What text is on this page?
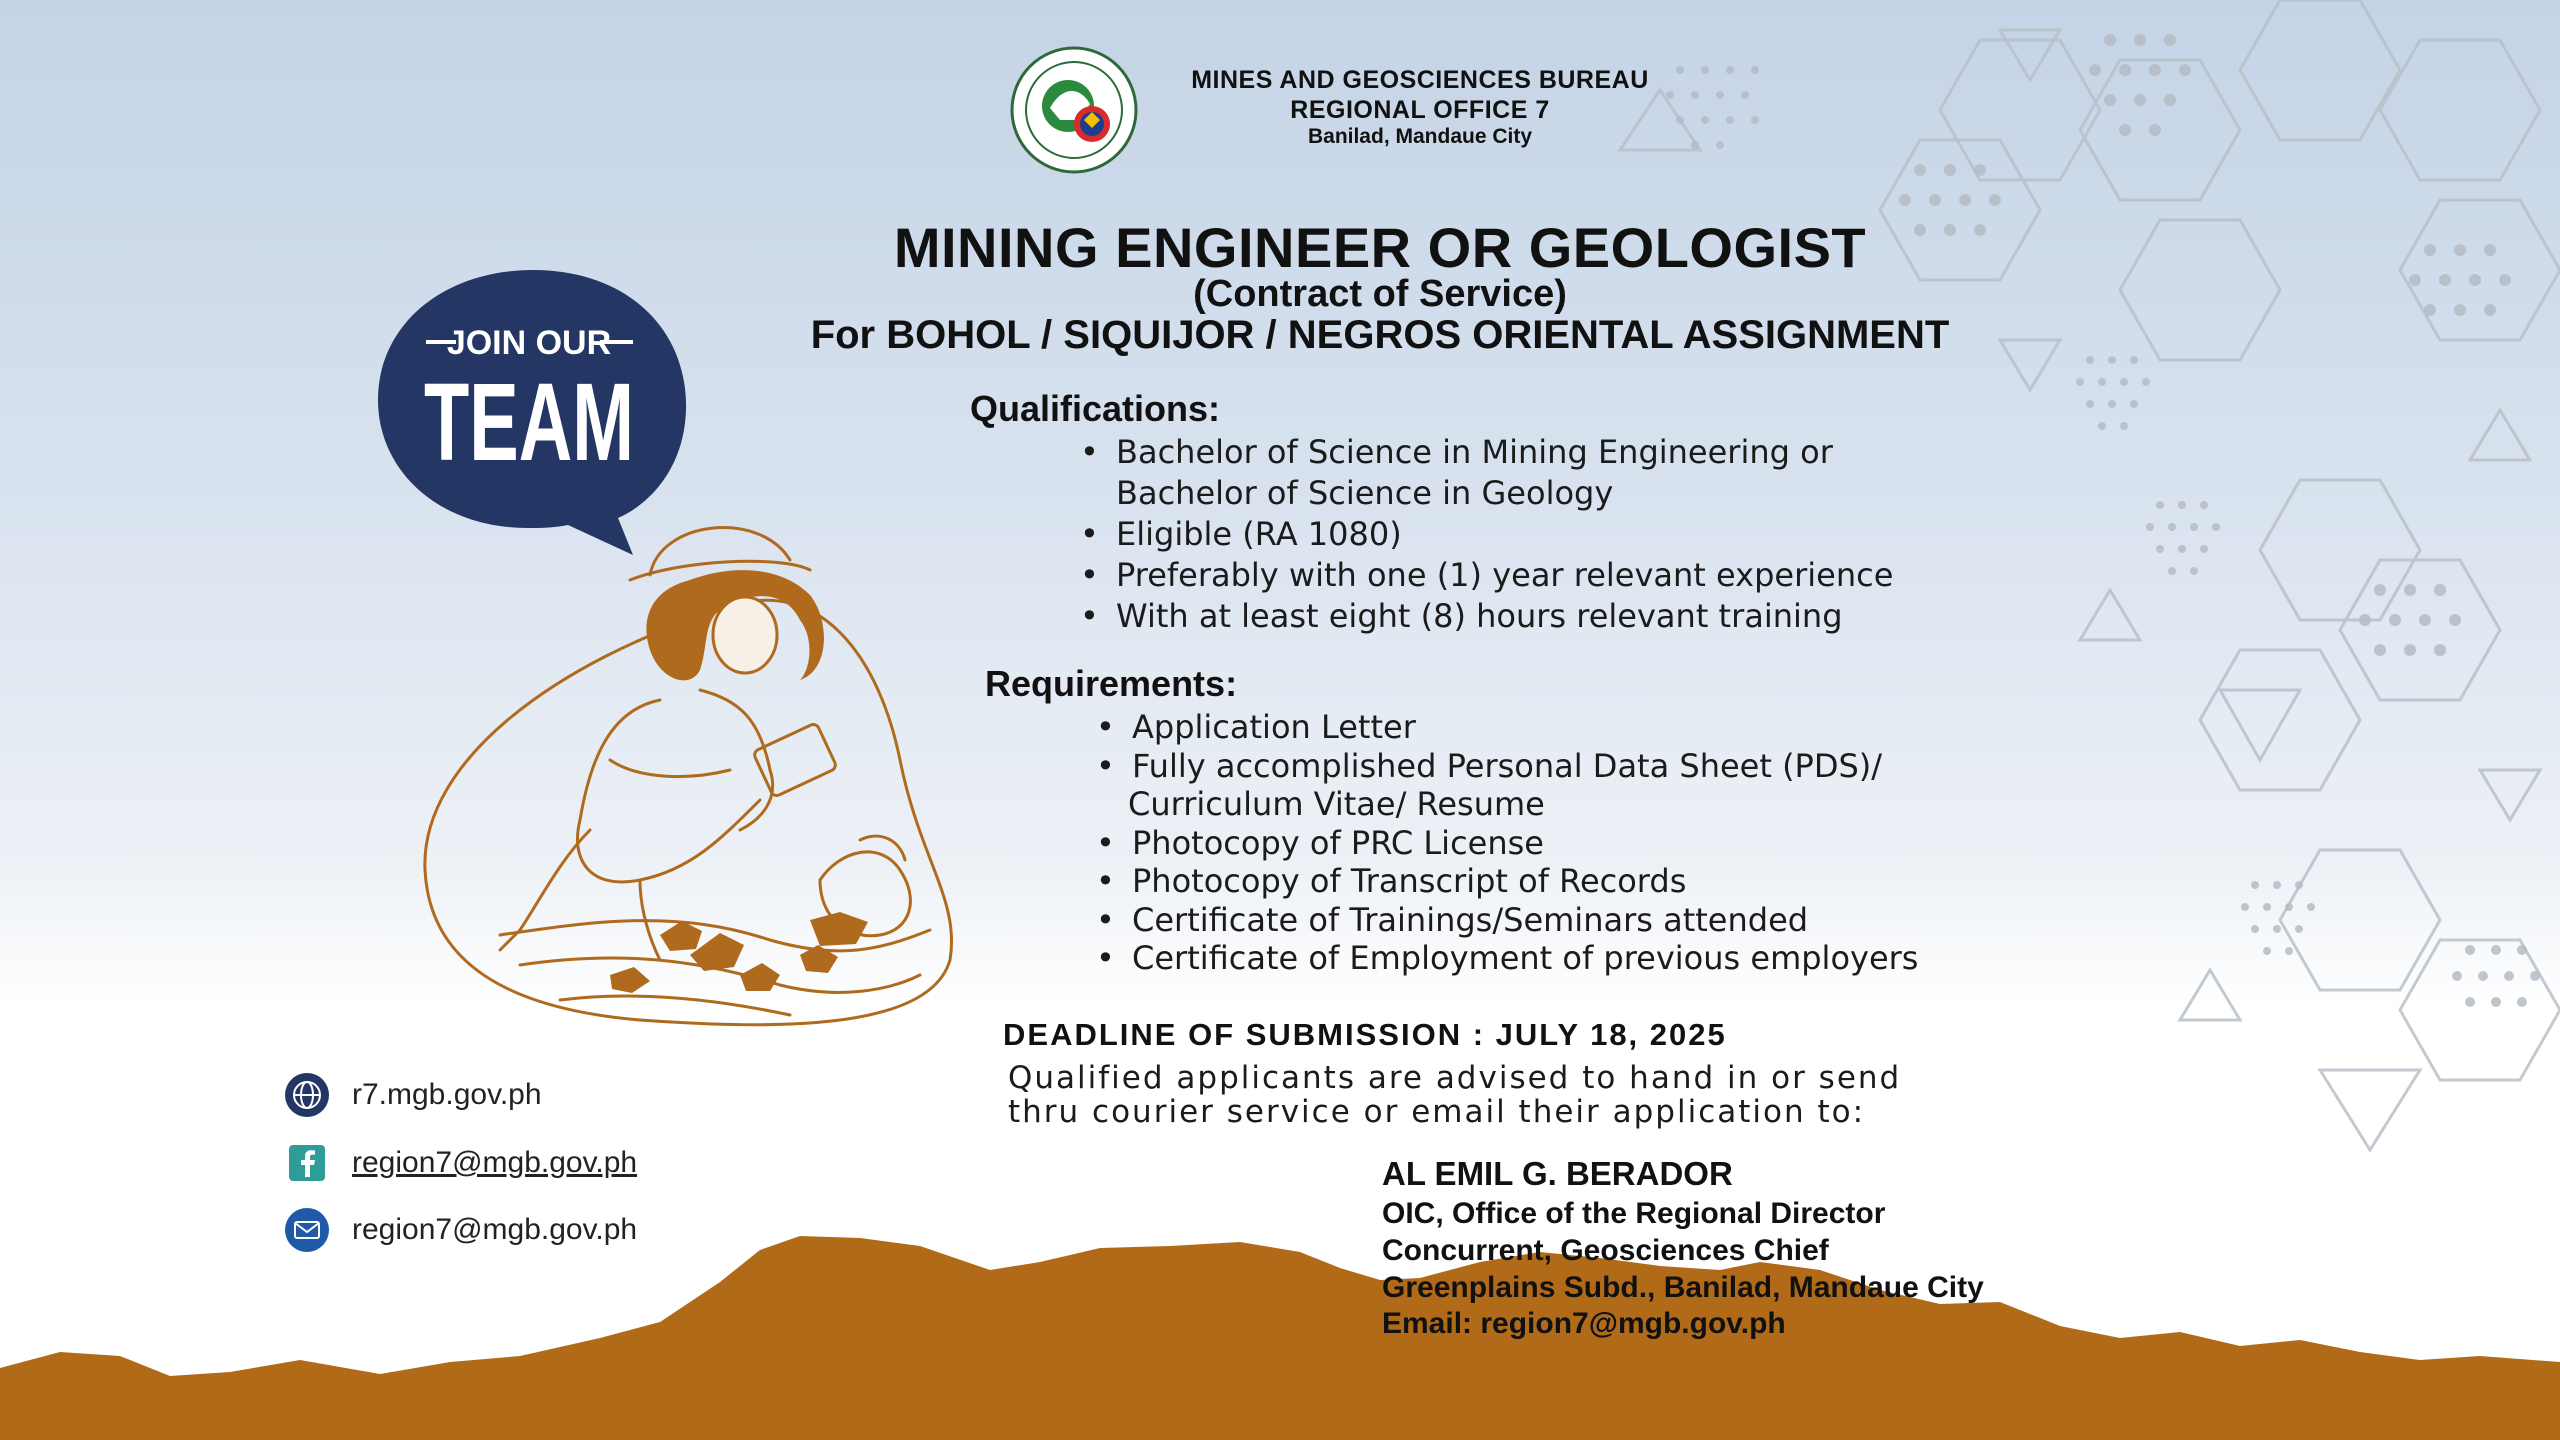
JOIN OUR
TEAM
MINES AND GEOSCIENCES BUREAU
REGIONAL OFFICE 7
Banilad, Mandaue City
MINING ENGINEER OR GEOLOGIST
(Contract of Service)
For BOHOL / SIQUIJOR / NEGROS ORIENTAL ASSIGNMENT
Qualifications:
• Bachelor of Science in Mining Engineering or
Bachelor of Science in Geology
• Eligible (RA 1080)
• Preferably with one (1) year relevant experience
• With at least eight (8) hours relevant training
Requirements:
• Application Letter
• Fully accomplished Personal Data Sheet (PDS)/
Curriculum Vitae/ Resume
• Photocopy of PRC License
• Photocopy of Transcript of Records
• Certificate of Trainings/Seminars attended
• Certificate of Employment of previous employers
DEADLINE OF SUBMISSION : JULY 18, 2025
Qualified applicants are advised to hand in or send
thru courier service or email their application to:
AL EMIL G. BERADOR
OIC, Office of the Regional Director
Concurrent, Geosciences Chief
Greenplains Subd., Banilad, Mandaue City
Email: region7@mgb.gov.ph
r7.mgb.gov.ph
region7@mgb.gov.ph
region7@mgb.gov.ph
